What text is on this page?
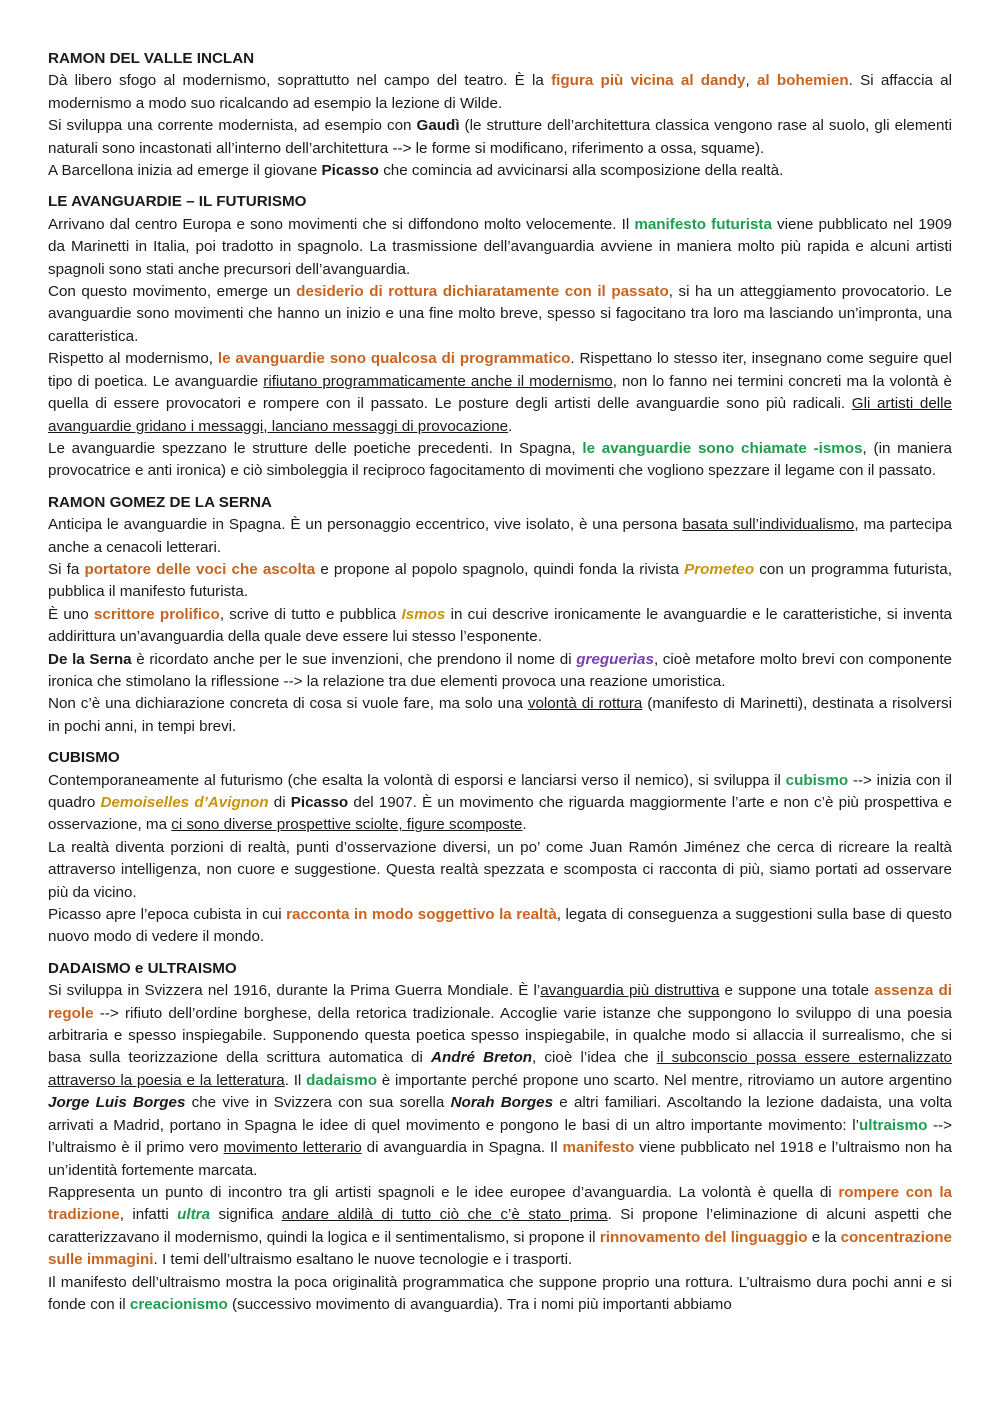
RAMON DEL VALLE INCLAN

Dà libero sfogo al modernismo, soprattutto nel campo del teatro. È la figura più vicina al dandy, al bohemien. Si affaccia al modernismo a modo suo ricalcando ad esempio la lezione di Wilde.

Si sviluppa una corrente modernista, ad esempio con Gaudì (le strutture dell’architettura classica vengono rase al suolo, gli elementi naturali sono incastonati all’interno dell’architettura --> le forme si modificano, riferimento a ossa, squame).

A Barcellona inizia ad emerge il giovane Picasso che comincia ad avvicinarsi alla scomposizione della realtà.

LE AVANGUARDIE – IL FUTURISMO

Arrivano dal centro Europa e sono movimenti che si diffondono molto velocemente. Il manifesto futurista viene pubblicato nel 1909 da Marinetti in Italia, poi tradotto in spagnolo. La trasmissione dell’avanguardia avviene in maniera molto più rapida e alcuni artisti spagnoli sono stati anche precursori dell’avanguardia.

Con questo movimento, emerge un desiderio di rottura dichiaratamente con il passato, si ha un atteggiamento provocatorio. Le avanguardie sono movimenti che hanno un inizio e una fine molto breve, spesso si fagocitano tra loro ma lasciando un’impronta, una caratteristica.

Rispetto al modernismo, le avanguardie sono qualcosa di programmatico. Rispettano lo stesso iter, insegnano come seguire quel tipo di poetica. Le avanguardie rifiutano programmaticamente anche il modernismo, non lo fanno nei termini concreti ma la volontà è quella di essere provocatori e rompere con il passato. Le posture degli artisti delle avanguardie sono più radicali. Gli artisti delle avanguardie gridano i messaggi, lanciano messaggi di provocazione.

Le avanguardie spezzano le strutture delle poetiche precedenti. In Spagna, le avanguardie sono chiamate -ismos, (in maniera provocatrice e anti ironica) e ciò simboleggia il reciproco fagocitamento di movimenti che vogliono spezzare il legame con il passato.

RAMON GOMEZ DE LA SERNA

Anticipa le avanguardie in Spagna. È un personaggio eccentrico, vive isolato, è una persona basata sull’individualismo, ma partecipa anche a cenacoli letterari.

Si fa portatore delle voci che ascolta e propone al popolo spagnolo, quindi fonda la rivista Prometeo con un programma futurista, pubblica il manifesto futurista.

È uno scrittore prolifico, scrive di tutto e pubblica Ismos in cui descrive ironicamente le avanguardie e le caratteristiche, si inventa addirittura un’avanguardia della quale deve essere lui stesso l’esponente.

De la Serna è ricordato anche per le sue invenzioni, che prendono il nome di greguerìas, cioè metafore molto brevi con componente ironica che stimolano la riflessione --> la relazione tra due elementi provoca una reazione umoristica.

Non c’è una dichiarazione concreta di cosa si vuole fare, ma solo una volontà di rottura (manifesto di Marinetti), destinata a risolversi in pochi anni, in tempi brevi.

CUBISMO

Contemporaneamente al futurismo (che esalta la volontà di esporsi e lanciarsi verso il nemico), si sviluppa il cubismo --> inizia con il quadro Demoiselles d’Avignon di Picasso del 1907. È un movimento che riguarda maggiormente l’arte e non c’è più prospettiva e osservazione, ma ci sono diverse prospettive sciolte, figure scomposte.

La realtà diventa porzioni di realtà, punti d’osservazione diversi, un po’ come Juan Ramón Jiménez che cerca di ricreare la realtà attraverso intelligenza, non cuore e suggestione. Questa realtà spezzata e scomposta ci racconta di più, siamo portati ad osservare più da vicino.

Picasso apre l’epoca cubista in cui racconta in modo soggettivo la realtà, legata di conseguenza a suggestioni sulla base di questo nuovo modo di vedere il mondo.

DADAISMO e ULTRAISMO

Si sviluppa in Svizzera nel 1916, durante la Prima Guerra Mondiale. È l’avanguardia più distruttiva e suppone una totale assenza di regole --> rifiuto dell’ordine borghese, della retorica tradizionale. Accoglie varie istanze che suppongono lo sviluppo di una poesia arbitraria e spesso inspiegabile. Supponendo questa poetica spesso inspiegabile, in qualche modo si allaccia il surrealismo, che si basa sulla teorizzazione della scrittura automatica di André Breton, cioè l’idea che il subconscio possa essere esternalizzato attraverso la poesia e la letteratura. Il dadaismo è importante perché propone uno scarto. Nel mentre, ritroviamo un autore argentino Jorge Luis Borges che vive in Svizzera con sua sorella Norah Borges e altri familiari. Ascoltando la lezione dadaista, una volta arrivati a Madrid, portano in Spagna le idee di quel movimento e pongono le basi di un altro importante movimento: l’ultraismo --> l’ultraismo è il primo vero movimento letterario di avanguardia in Spagna. Il manifesto viene pubblicato nel 1918 e l’ultraismo non ha un’identità fortemente marcata.

Rappresenta un punto di incontro tra gli artisti spagnoli e le idee europee d’avanguardia. La volontà è quella di rompere con la tradizione, infatti ultra significa andare aldilà di tutto ciò che c’è stato prima. Si propone l’eliminazione di alcuni aspetti che caratterizzavano il modernismo, quindi la logica e il sentimentalismo, si propone il rinnovamento del linguaggio e la concentrazione sulle immagini. I temi dell’ultraismo esaltano le nuove tecnologie e i trasporti.

Il manifesto dell’ultraismo mostra la poca originalità programmatica che suppone proprio una rottura. L’ultraismo dura pochi anni e si fonde con il creacionismo (successivo movimento di avanguardia). Tra i nomi più importanti abbiamo
